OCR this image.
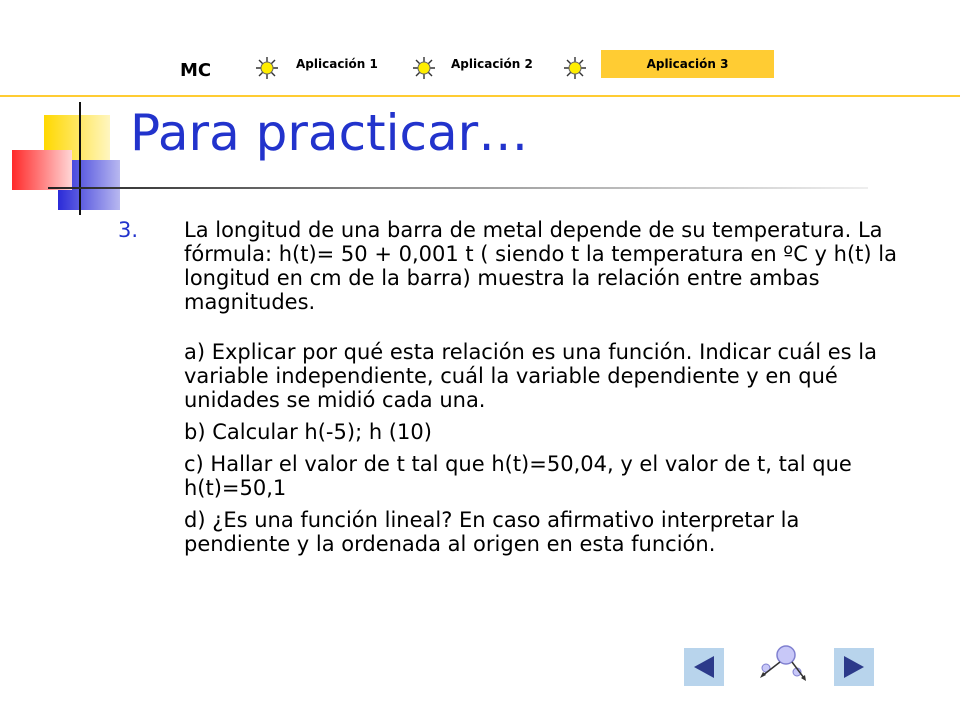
MC	Aplicación 1	Aplicación 2	Aplicación 3
Para practicar…
3.	La longitud de una barra de metal depende de su temperatura. La fórmula: h(t)= 50 + 0,001 t ( siendo t la temperatura en ºC y h(t) la longitud en cm de la barra) muestra la relación entre ambas magnitudes.
a) Explicar por qué esta relación es una función. Indicar cuál es la variable independiente, cuál la variable dependiente y en qué unidades se midió cada una.
b) Calcular h(-5); h (10)
c) Hallar el valor de t tal que h(t)=50,04, y el valor de t, tal que h(t)=50,1
d) ¿Es una función lineal? En caso afirmativo interpretar la pendiente y la ordenada al origen en esta función.
